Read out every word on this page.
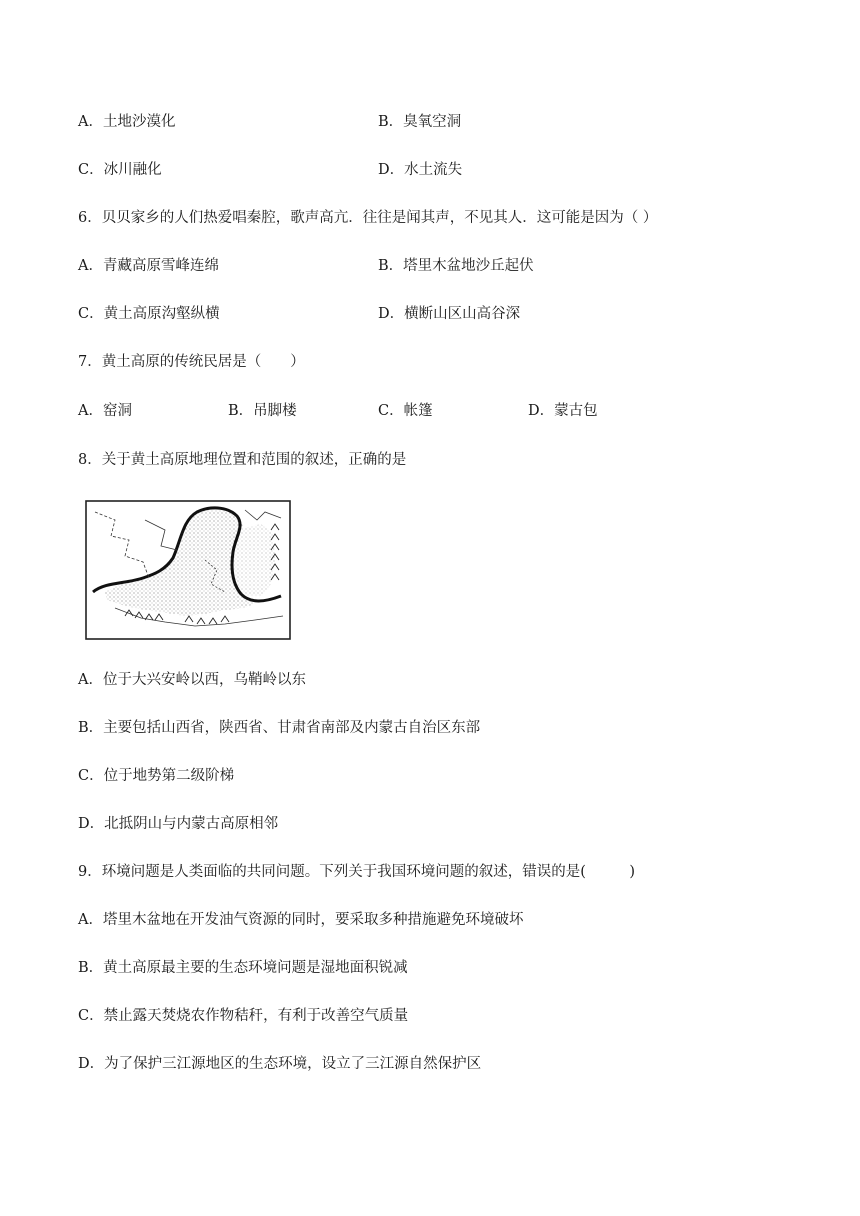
A．土地沙漠化	B．臭氧空洞
C．冰川融化	D．水土流失
6．贝贝家乡的人们热爱唱秦腔，歌声高亢．往往是闻其声，不见其人．这可能是因为（ ）
A．青藏高原雪峰连绵	B．塔里木盆地沙丘起伏
C．黄土高原沟壑纵横	D．横断山区山高谷深
7．黄土高原的传统民居是（　　）
A．窑洞	B．吊脚楼	C．帐篷	D．蒙古包
8．关于黄土高原地理位置和范围的叙述，正确的是
A．位于大兴安岭以西，乌鞘岭以东
B．主要包括山西省，陕西省、甘肃省南部及内蒙古自治区东部
C．位于地势第二级阶梯
D．北抵阴山与内蒙古高原相邻
9．环境问题是人类面临的共同问题。下列关于我国环境问题的叙述，错误的是(　　　)
A．塔里木盆地在开发油气资源的同时，要采取多种措施避免环境破坏
B．黄土高原最主要的生态环境问题是湿地面积锐减
C．禁止露天焚烧农作物秸秆，有利于改善空气质量
D．为了保护三江源地区的生态环境，设立了三江源自然保护区
